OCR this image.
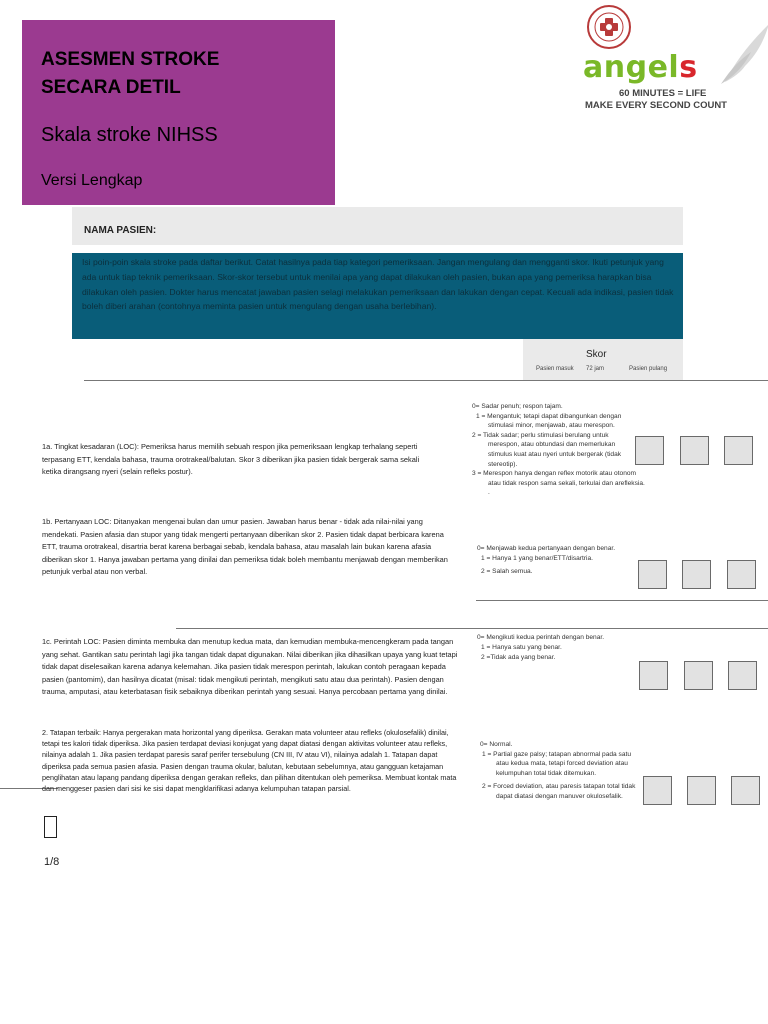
ASESMEN STROKE
SECARA DETIL
Skala stroke NIHSS
Versi Lengkap
angels
60 MINUTES = LIFE
MAKE EVERY SECOND COUNT
NAMA PASIEN:

Isi poin-poin skala stroke pada daftar berikut. Catat hasilnya pada tiap kategori pemeriksaan. Jangan mengulang dan mengganti skor. Ikuti petunjuk yang ada untuk tiap teknik pemeriksaan. Skor-skor tersebut untuk menilai apa yang dapat dilakukan oleh pasien, bukan apa yang pemeriksa harapkan bisa dilakukan oleh pasien. Dokter harus mencatat jawaban pasien selagi melakukan pemeriksaan dan lakukan dengan cepat. Kecuali ada indikasi, pasien tidak boleh diberi arahan (contohnya meminta pasien untuk mengulang dengan usaha berlebihan).

Skor
Pasien masuk 72 jam	Pasien pulang
1a. Tingkat kesadaran (LOC): Pemeriksa harus memilih sebuah respon jika pemeriksaan lengkap terhalang seperti terpasang ETT, kendala bahasa, trauma orotrakeal/balutan. Skor 3 diberikan jika pasien tidak bergerak sama sekali ketika dirangsang nyeri (selain refleks postur).
0= Sadar penuh; respon tajam.
1 = Mengantuk; tetapi dapat dibangunkan dengan
stimulasi minor, menjawab, atau merespon.
2 = Tidak sadar; perlu stimulasi berulang untuk
merespon, atau obtundasi dan memerlukan
stimulus kuat atau nyeri untuk bergerak (tidak
stereotip).
3 = Merespon hanya dengan reflex motorik atau otonom
atau tidak respon sama sekali, terkulai dan arefleksia.
.
1b. Pertanyaan LOC: Ditanyakan mengenai bulan dan umur pasien. Jawaban harus benar - tidak ada nilai-nilai yang mendekati. Pasien afasia dan stupor yang tidak mengerti pertanyaan diberikan skor 2. Pasien tidak dapat berbicara karena ETT, trauma orotrakeal, disartria berat karena berbagai sebab, kendala bahasa, atau masalah lain bukan karena afasia diberikan skor 1. Hanya jawaban pertama yang dinilai dan pemeriksa tidak boleh membantu menjawab dengan memberikan petunjuk verbal atau non verbal.
0= Menjawab kedua pertanyaan dengan benar.
1 = Hanya 1 yang benar/ETT/disartria.
2 = Salah semua.
1c. Perintah LOC: Pasien diminta membuka dan menutup kedua mata, dan kemudian membuka-mencengkeram pada tangan yang sehat. Gantikan satu perintah lagi jika tangan tidak dapat digunakan. Nilai diberikan jika dihasilkan upaya yang kuat tetapi tidak dapat diselesaikan karena adanya kelemahan. Jika pasien tidak merespon perintah, lakukan contoh peragaan kepada pasien (pantomim), dan hasilnya dicatat (misal: tidak mengikuti perintah, mengikuti satu atau dua perintah). Pasien dengan trauma, amputasi, atau keterbatasan fisik sebaiknya diberikan perintah yang sesuai. Hanya percobaan pertama yang dinilai.
0= Mengikuti kedua perintah dengan benar.
1 = Hanya satu yang benar.
2 =Tidak ada yang benar.
2. Tatapan terbaik: Hanya pergerakan mata horizontal yang diperiksa. Gerakan mata volunteer atau refleks (okulosefalik) dinilai, tetapi tes kalori tidak diperiksa. Jika pasien terdapat deviasi konjugat yang dapat diatasi dengan aktivitas volunteer atau refleks, nilainya adalah 1. Jika pasien terdapat paresis saraf perifer tersebulung (CN III, IV atau VI), nilainya adalah 1. Tatapan dapat diperiksa pada semua pasien afasia. Pasien dengan trauma okular, balutan, kebutaan sebelumnya, atau gangguan ketajaman penglihatan atau lapang pandang diperiksa dengan gerakan refleks, dan pilihan ditentukan oleh pemeriksa. Membuat kontak mata dan menggeser pasien dari sisi ke sisi dapat mengklarifikasi adanya kelumpuhan tatapan parsial.
0= Normal.
1 = Partial gaze palsy; tatapan abnormal pada satu
atau kedua mata, tetapi forced deviation atau
kelumpuhan total tidak ditemukan.
2 = Forced deviation, atau paresis tatapan total tidak
dapat diatasi dengan manuver okulosefalik.
1/8
